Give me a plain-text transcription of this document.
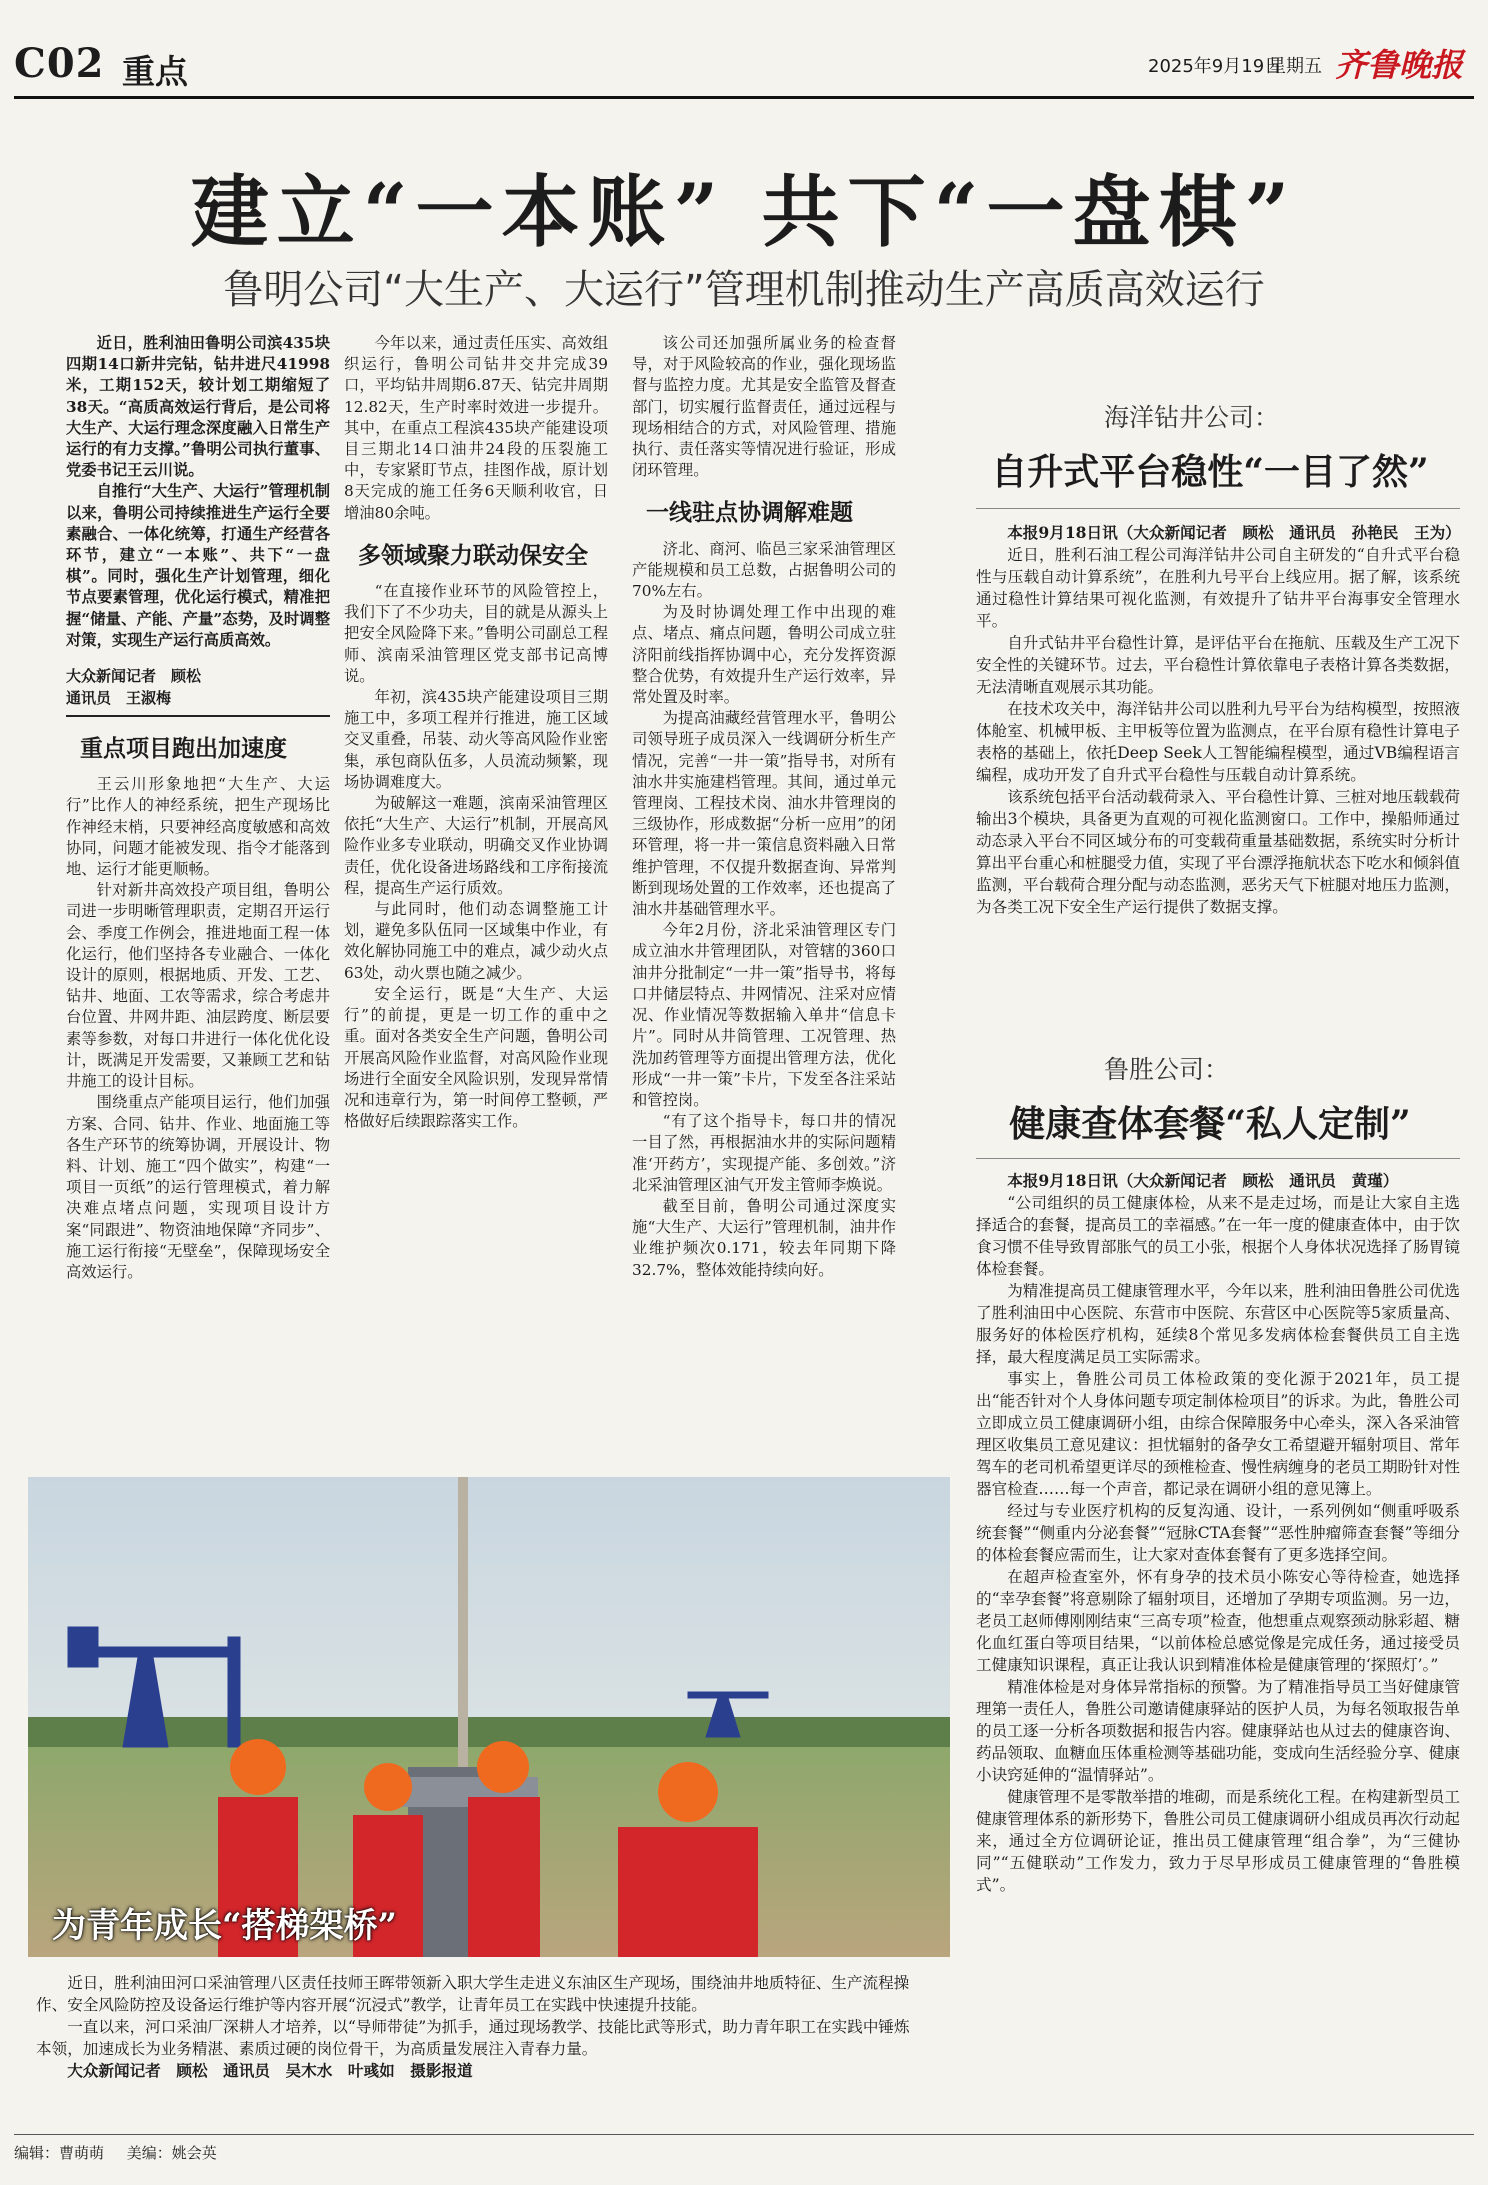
C02 重点	2025年9月19日
星期五 齐鲁晚报
建立“一本账” 共下“一盘棋”
鲁明公司“大生产、大运行”管理机制推动生产高质高效运行

近日，胜利油田鲁明公司滨435块四期14口新井完钻，钻井进尺41998米，工期152天，较计划工期缩短了38天。“高质高效运行背后，是公司将大生产、大运行理念深度融入日常生产运行的有力支撑。”鲁明公司执行董事、党委书记王云川说。

自推行“大生产、大运行”管理机制以来，鲁明公司持续推进生产运行全要素融合、一体化统筹，打通生产经营各环节，建立“一本账”、共下“一盘棋”。同时，强化生产计划管理，细化节点要素管理，优化运行模式，精准把握“储量、产能、产量”态势，及时调整对策，实现生产运行高质高效。

大众新闻记者　顾松
通讯员　王淑梅
重点项目跑出加速度

王云川形象地把“大生产、大运行”比作人的神经系统，把生产现场比作神经末梢，只要神经高度敏感和高效协同，问题才能被发现、指令才能落到地、运行才能更顺畅。

针对新井高效投产项目组，鲁明公司进一步明晰管理职责，定期召开运行会、季度工作例会，推进地面工程一体化运行，他们坚持各专业融合、一体化设计的原则，根据地质、开发、工艺、钻井、地面、工农等需求，综合考虑井台位置、井网井距、油层跨度、断层要素等参数，对每口井进行一体化优化设计，既满足开发需要，又兼顾工艺和钻井施工的设计目标。

围绕重点产能项目运行，他们加强方案、合同、钻井、作业、地面施工等各生产环节的统筹协调，开展设计、物料、计划、施工“四个做实”，构建“一项目一页纸”的运行管理模式，着力解决难点堵点问题，实现项目设计方案“同跟进”、物资油地保障“齐同步”、施工运行衔接“无壁垒”，保障现场安全高效运行。

今年以来，通过责任压实、高效组织运行，鲁明公司钻井交井完成39口，平均钻井周期6.87天、钻完井周期12.82天，生产时率时效进一步提升。其中，在重点工程滨435块产能建设项目三期北14口油井24段的压裂施工中，专家紧盯节点，挂图作战，原计划8天完成的施工任务6天顺利收官，日增油80余吨。

多领域聚力联动保安全

“在直接作业环节的风险管控上，我们下了不少功夫，目的就是从源头上把安全风险降下来。”鲁明公司副总工程师、滨南采油管理区党支部书记高博说。

年初，滨435块产能建设项目三期施工中，多项工程并行推进，施工区域交叉重叠，吊装、动火等高风险作业密集，承包商队伍多，人员流动频繁，现场协调难度大。

为破解这一难题，滨南采油管理区依托“大生产、大运行”机制，开展高风险作业多专业联动，明确交叉作业协调责任，优化设备进场路线和工序衔接流程，提高生产运行质效。

与此同时，他们动态调整施工计划，避免多队伍同一区域集中作业，有效化解协同施工中的难点，减少动火点63处，动火票也随之减少。

安全运行，既是“大生产、大运行”的前提，更是一切工作的重中之重。面对各类安全生产问题，鲁明公司开展高风险作业监督，对高风险作业现场进行全面安全风险识别，发现异常情况和违章行为，第一时间停工整顿，严格做好后续跟踪落实工作。

该公司还加强所属业务的检查督导，对于风险较高的作业，强化现场监督与监控力度。尤其是安全监管及督查部门，切实履行监督责任，通过远程与现场相结合的方式，对风险管理、措施执行、责任落实等情况进行验证，形成闭环管理。

一线驻点协调解难题

济北、商河、临邑三家采油管理区产能规模和员工总数，占据鲁明公司的70%左右。

为及时协调处理工作中出现的难点、堵点、痛点问题，鲁明公司成立驻济阳前线指挥协调中心，充分发挥资源整合优势，有效提升生产运行效率，异常处置及时率。

为提高油藏经营管理水平，鲁明公司领导班子成员深入一线调研分析生产情况，完善“一井一策”指导书，对所有油水井实施建档管理。其间，通过单元管理岗、工程技术岗、油水井管理岗的三级协作，形成数据“分析一应用”的闭环管理，将一井一策信息资料融入日常维护管理，不仅提升数据查询、异常判断到现场处置的工作效率，还也提高了油水井基础管理水平。

今年2月份，济北采油管理区专门成立油水井管理团队，对管辖的360口油井分批制定“一井一策”指导书，将每口井储层特点、井网情况、注采对应情况、作业情况等数据输入单井“信息卡片”。同时从井筒管理、工况管理、热洗加药管理等方面提出管理方法，优化形成“一井一策”卡片，下发至各注采站和管控岗。

“有了这个指导卡，每口井的情况一目了然，再根据油水井的实际问题精准‘开药方’，实现提产能、多创效。”济北采油管理区油气开发主管师李焕说。

截至目前，鲁明公司通过深度实施“大生产、大运行”管理机制，油井作业维护频次0.171，较去年同期下降32.7%，整体效能持续向好。

海洋钻井公司：
自升式平台稳性“一目了然”

本报9月18日讯（大众新闻记者　顾松　通讯员　孙艳民　王为）

近日，胜利石油工程公司海洋钻井公司自主研发的“自升式平台稳性与压载自动计算系统”，在胜利九号平台上线应用。据了解，该系统通过稳性计算结果可视化监测，有效提升了钻井平台海事安全管理水平。

自升式钻井平台稳性计算，是评估平台在拖航、压载及生产工况下安全性的关键环节。过去，平台稳性计算依靠电子表格计算各类数据，无法清晰直观展示其功能。

在技术攻关中，海洋钻井公司以胜利九号平台为结构模型，按照液体舱室、机械甲板、主甲板等位置为监测点，在平台原有稳性计算电子表格的基础上，依托Deep Seek人工智能编程模型，通过VB编程语言编程，成功开发了自升式平台稳性与压载自动计算系统。

该系统包括平台活动载荷录入、平台稳性计算、三桩对地压载载荷输出3个模块，具备更为直观的可视化监测窗口。工作中，操船师通过动态录入平台不同区域分布的可变载荷重量基础数据，系统实时分析计算出平台重心和桩腿受力值，实现了平台漂浮拖航状态下吃水和倾斜值监测，平台载荷合理分配与动态监测，恶劣天气下桩腿对地压力监测，为各类工况下安全生产运行提供了数据支撑。

鲁胜公司：
健康查体套餐“私人定制”

本报9月18日讯（大众新闻记者　顾松　通讯员　黄瑾）

“公司组织的员工健康体检，从来不是走过场，而是让大家自主选择适合的套餐，提高员工的幸福感。”在一年一度的健康查体中，由于饮食习惯不佳导致胃部胀气的员工小张，根据个人身体状况选择了肠胃镜体检套餐。

为精准提高员工健康管理水平，今年以来，胜利油田鲁胜公司优选了胜利油田中心医院、东营市中医院、东营区中心医院等5家质量高、服务好的体检医疗机构，延续8个常见多发病体检套餐供员工自主选择，最大程度满足员工实际需求。

事实上，鲁胜公司员工体检政策的变化源于2021年，员工提出“能否针对个人身体问题专项定制体检项目”的诉求。为此，鲁胜公司立即成立员工健康调研小组，由综合保障服务中心牵头，深入各采油管理区收集员工意见建议：担忧辐射的备孕女工希望避开辐射项目、常年驾车的老司机希望更详尽的颈椎检查、慢性病缠身的老员工期盼针对性器官检查……每一个声音，都记录在调研小组的意见簿上。

经过与专业医疗机构的反复沟通、设计，一系列例如“侧重呼吸系统套餐”“侧重内分泌套餐”“冠脉CTA套餐”“恶性肿瘤筛查套餐”等细分的体检套餐应需而生，让大家对查体套餐有了更多选择空间。

在超声检查室外，怀有身孕的技术员小陈安心等待检查，她选择的“幸孕套餐”将意剔除了辐射项目，还增加了孕期专项监测。另一边，老员工赵师傅刚刚结束“三高专项”检查，他想重点观察颈动脉彩超、糖化血红蛋白等项目结果，“以前体检总感觉像是完成任务，通过接受员工健康知识课程，真正让我认识到精准体检是健康管理的‘探照灯’。”

精准体检是对身体异常指标的预警。为了精准指导员工当好健康管理第一责任人，鲁胜公司邀请健康驿站的医护人员，为每名领取报告单的员工逐一分析各项数据和报告内容。健康驿站也从过去的健康咨询、药品领取、血糖血压体重检测等基础功能，变成向生活经验分享、健康小诀窍延伸的“温情驿站”。

健康管理不是零散举措的堆砌，而是系统化工程。在构建新型员工健康管理体系的新形势下，鲁胜公司员工健康调研小组成员再次行动起来，通过全方位调研论证，推出员工健康管理“组合拳”，为“三健协同”“五健联动”工作发力，致力于尽早形成员工健康管理的“鲁胜模式”。

为青年成长“搭梯架桥”

近日，胜利油田河口采油管理八区责任技师王晖带领新入职大学生走进义东油区生产现场，围绕油井地质特征、生产流程操作、安全风险防控及设备运行维护等内容开展“沉浸式”教学，让青年员工在实践中快速提升技能。

一直以来，河口采油厂深耕人才培养，以“导师带徒”为抓手，通过现场教学、技能比武等形式，助力青年职工在实践中锤炼本领，加速成长为业务精湛、素质过硬的岗位骨干，为高质量发展注入青春力量。

大众新闻记者　顾松　通讯员　吴木水　叶彧如　摄影报道

编辑：曹萌萌 美编：姚会英
